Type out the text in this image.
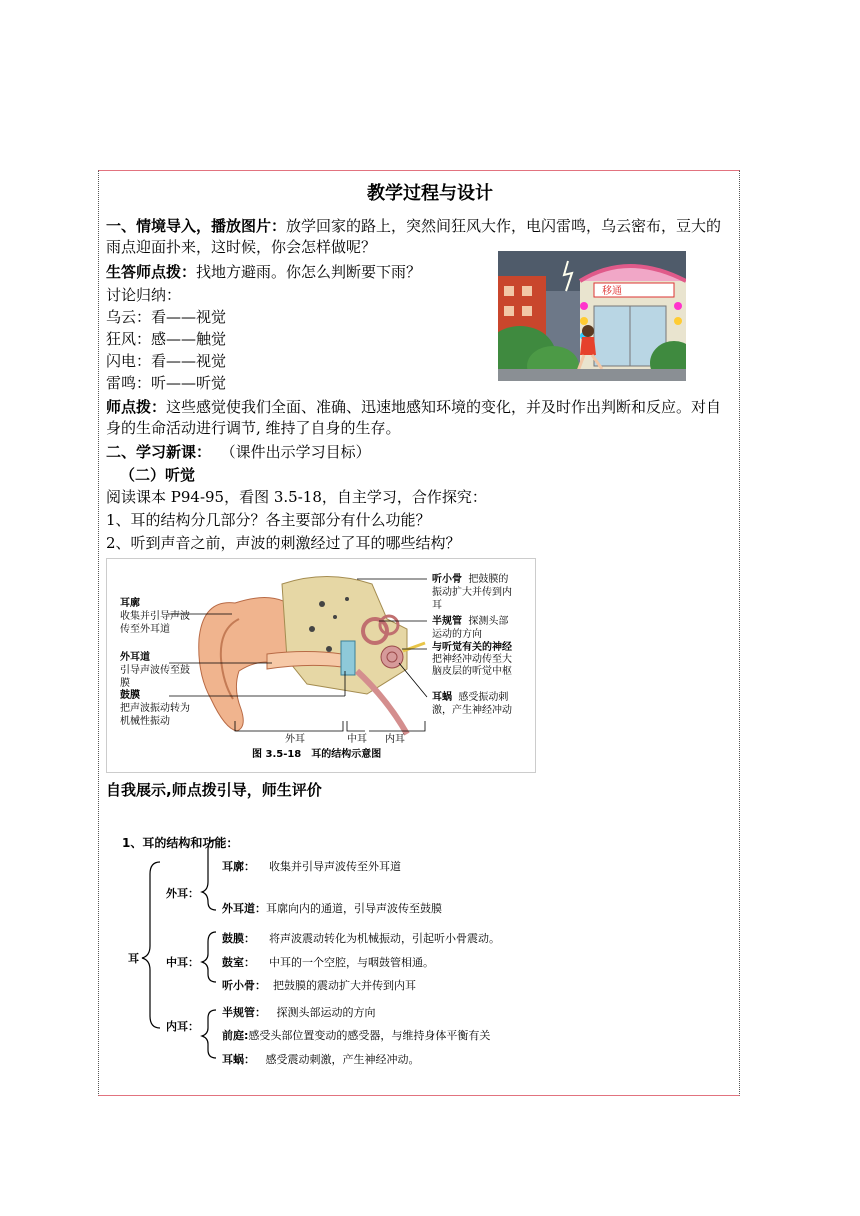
教学过程与设计
一、情境导入，播放图片：放学回家的路上，突然间狂风大作，电闪雷鸣，乌云密布，豆大的雨点迎面扑来，这时候，你会怎样做呢？
生答师点拨：找地方避雨。你怎么判断要下雨？
讨论归纳：
乌云：看——视觉
狂风：感——触觉
闪电：看——视觉
雷鸣：听——听觉
移通
师点拨：这些感觉使我们全面、准确、迅速地感知环境的变化，并及时作出判断和反应。对自身的生命活动进行调节, 维持了自身的生存。
二、学习新课： （课件出示学习目标）
（二）听觉
阅读课本 P94-95，看图 3.5-18，自主学习，合作探究：
1、耳的结构分几部分？各主要部分有什么功能？
2、听到声音之前，声波的刺激经过了耳的哪些结构？
耳廓
收集并引导声波
传至外耳道
外耳道
引导声波传至鼓
膜
鼓膜
把声波振动转为
机械性振动
听小骨 把鼓膜的
振动扩大并传到内
耳
半规管 探测头部
运动的方向
与听觉有关的神经
把神经冲动传至大
脑皮层的听觉中枢
耳蜗 感受振动刺
激，产生神经冲动
外耳	中耳 内耳
图 3.5-18　耳的结构示意图
自我展示,师点拨引导，师生评价
1、耳的结构和功能：
耳
外耳：
耳廓： 收集并引导声波传至外耳道
外耳道：耳廓向内的通道，引导声波传至鼓膜
中耳：
鼓膜： 将声波震动转化为机械振动，引起听小骨震动。
鼓室： 中耳的一个空腔，与咽鼓管相通。
听小骨： 把鼓膜的震动扩大并传到内耳
内耳：
半规管： 探测头部运动的方向
前庭:感受头部位置变动的感受器，与维持身体平衡有关
耳蜗： 感受震动刺激，产生神经冲动。
